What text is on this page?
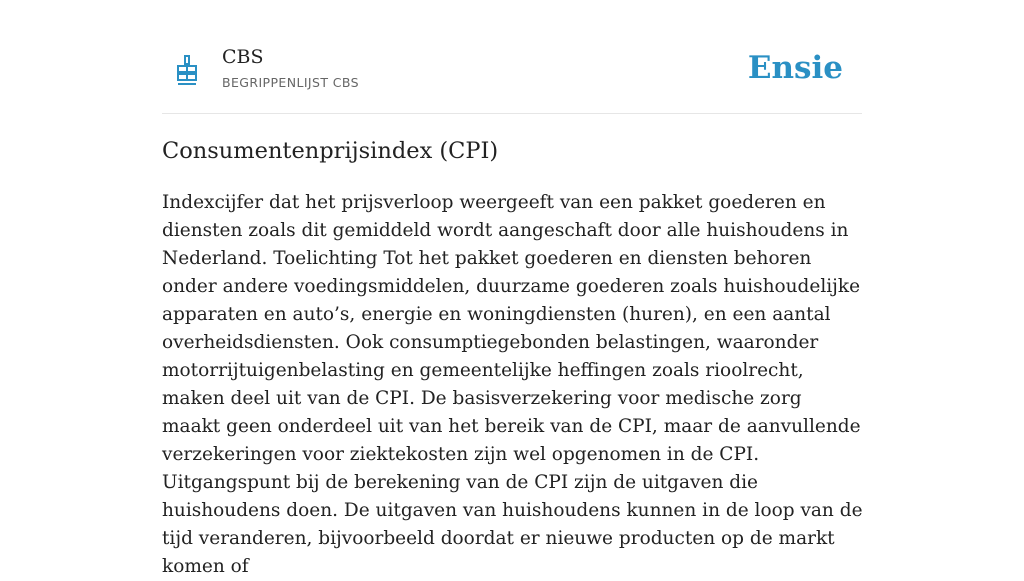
CBS
BEGRIPPENLIJST CBS	Ensie
Consumentenprijsindex (CPI)

Indexcijfer dat het prijsverloop weergeeft van een pakket goederen en diensten zoals dit gemiddeld wordt aangeschaft door alle huishoudens in Nederland. Toelichting Tot het pakket goederen en diensten behoren onder andere voedingsmiddelen, duurzame goederen zoals huishoudelijke apparaten en auto’s, energie en woningdiensten (huren), en een aantal overheidsdiensten. Ook consumptiegebonden belastingen, waaronder motorrijtuigenbelasting en gemeentelijke heffingen zoals rioolrecht, maken deel uit van de CPI. De basisverzekering voor medische zorg maakt geen onderdeel uit van het bereik van de CPI, maar de aanvullende verzekeringen voor ziektekosten zijn wel opgenomen in de CPI. Uitgangspunt bij de berekening van de CPI zijn de uitgaven die huishoudens doen. De uitgaven van huishoudens kunnen in de loop van de tijd veranderen, bijvoorbeeld doordat er nieuwe producten op de markt komen of
